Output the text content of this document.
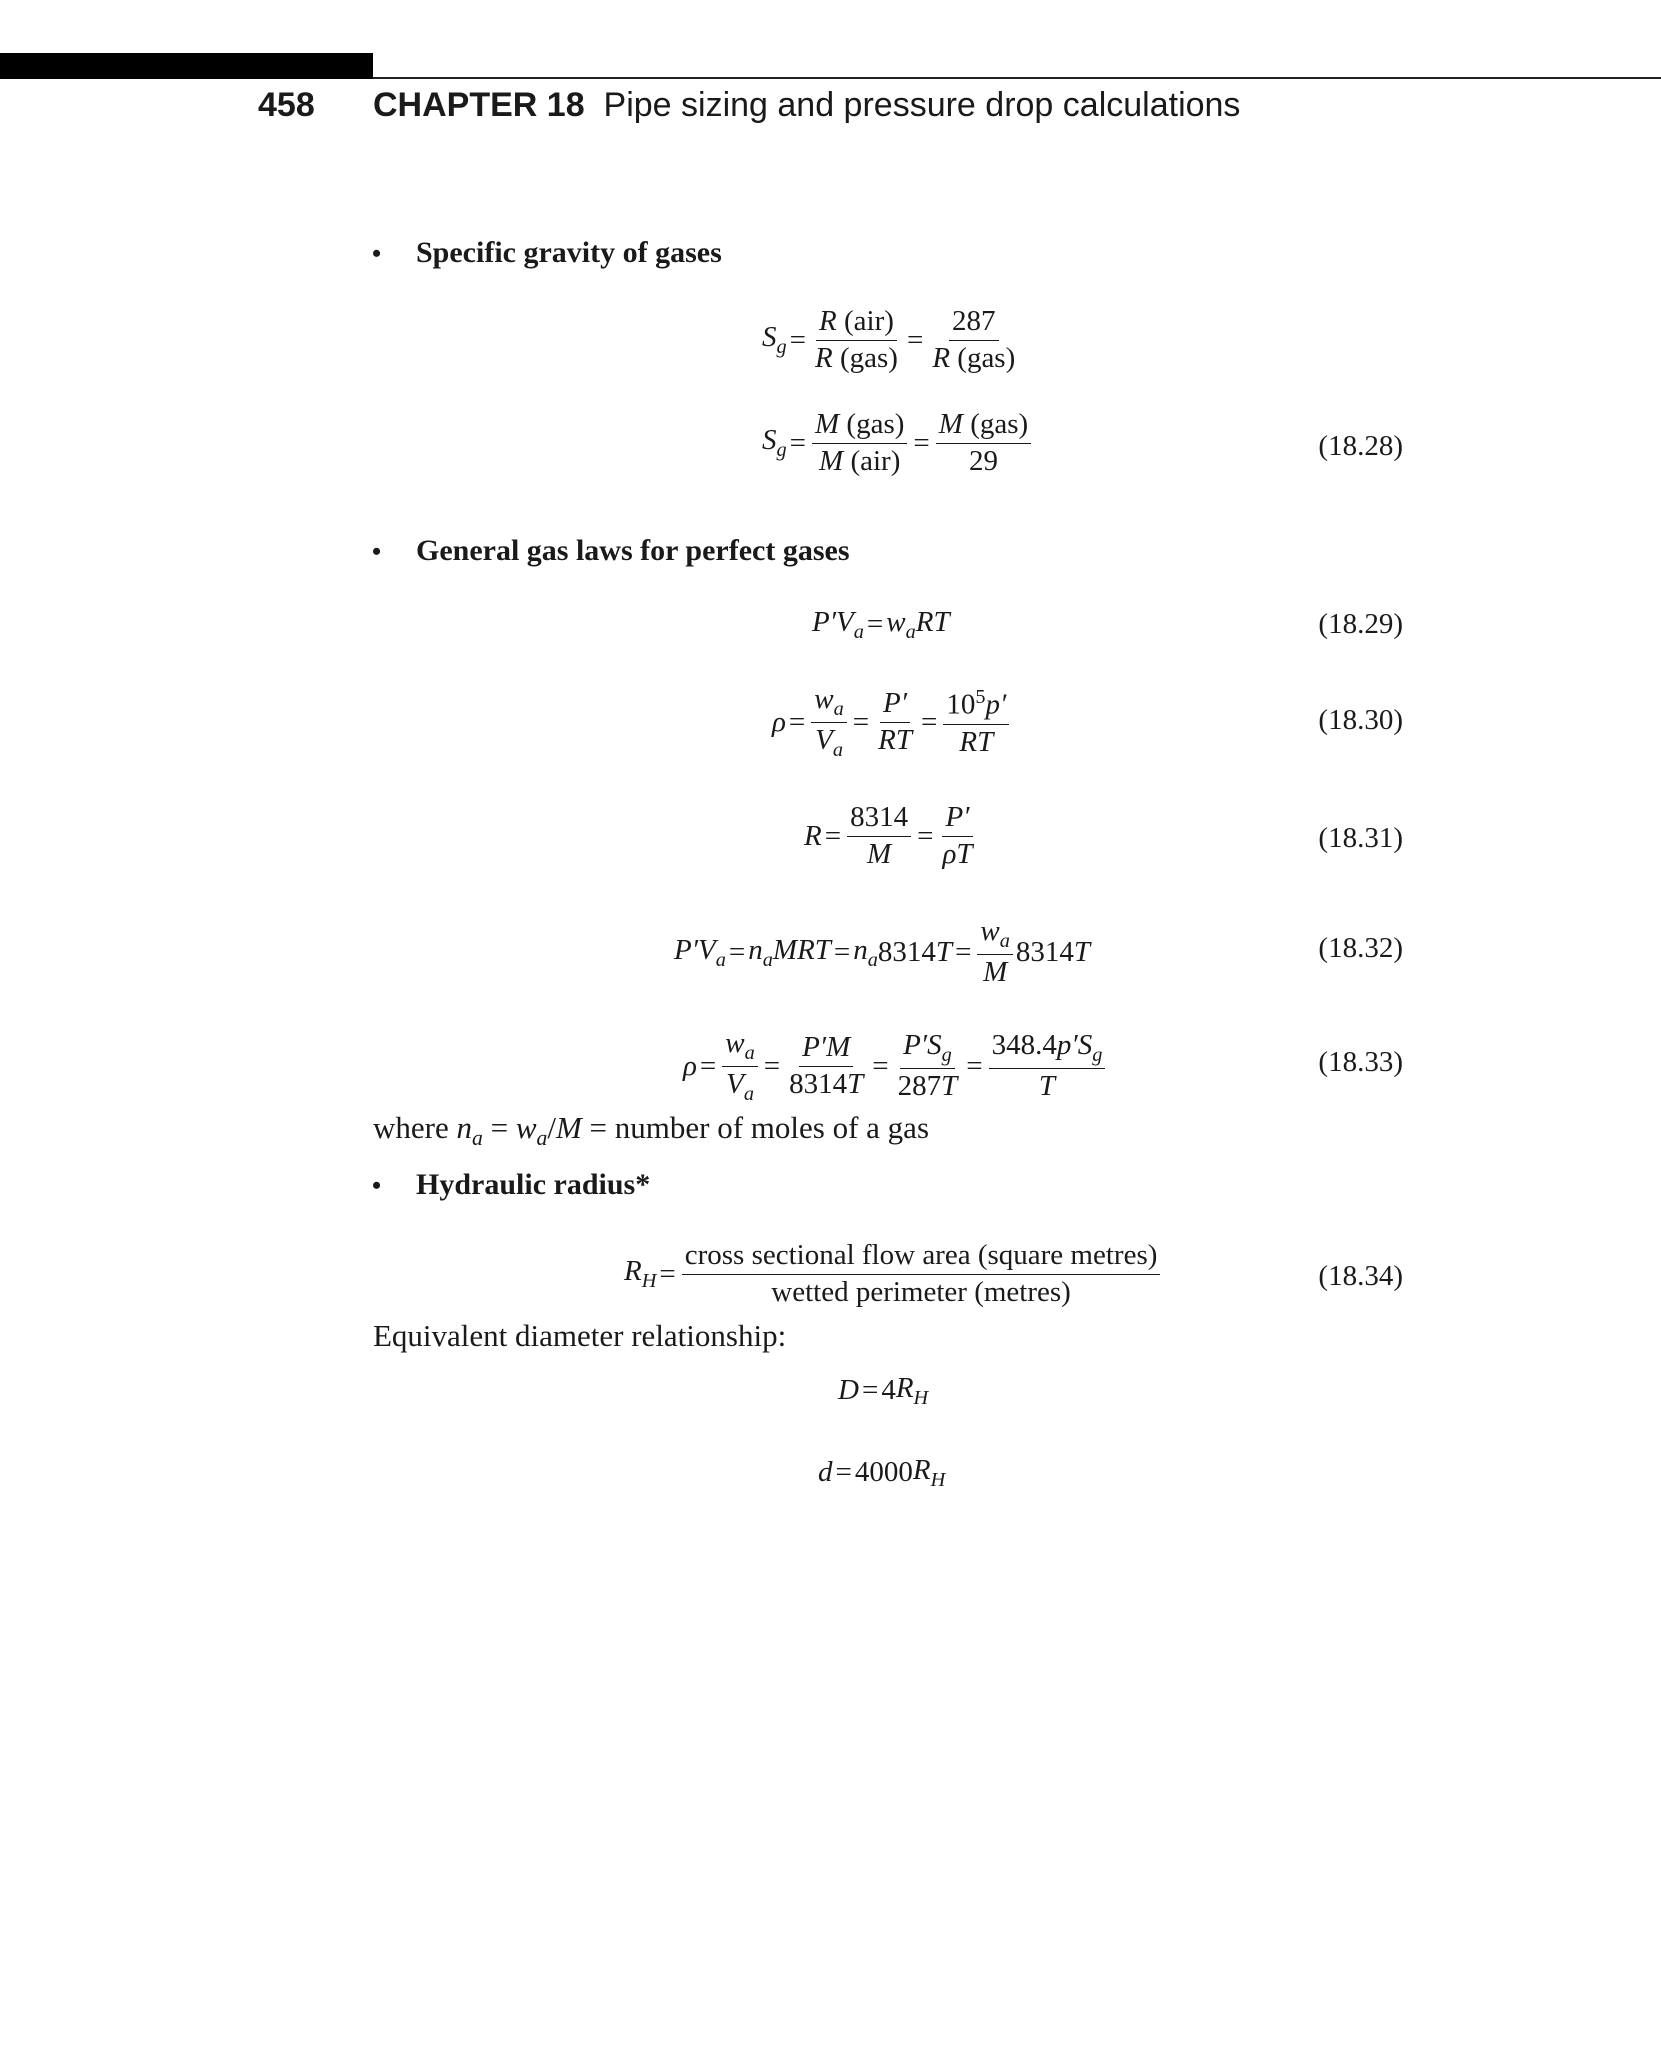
458 CHAPTER 18 Pipe sizing and pressure drop calculations
• Specific gravity of gases
$S_g = \frac{\text{R (air)}}{\text{R (gas)}} = \frac{287}{\text{R (gas)}}$
$S_g = \frac{\text{M (gas)}}{\text{M (air)}} = \frac{\text{M (gas)}}{29}$	(18.28)
• General gas laws for perfect gases
$P'V_a = w_aRT$	(18.29)
$\rho = \frac{w_a}{V_a} = \frac{P'}{RT} = \frac{10^5p'}{RT}$	(18.30)
$R = \frac{8314}{M} = \frac{P'}{\rho T}$	(18.31)
$P'V_a = n_aMRT = n_a$ 8314 $T = \frac{w_a}{M} 8314$ T	(18.32)
$\rho = \frac{w_a}{V_a} = \frac{P'M}{8314T} = \frac{P'S_g}{287T} = \frac{348.4p'S_g}{T}$	(18.33)
where $n_a = w_a/M$ = number of moles of a gas
• Hydraulic radius*
$R_H = \frac{\text{cross sectional flow area (square metres)}}{\text{wetted perimeter (metres)}}$	(18.34)
Equivalent diameter relationship:
D = 4 $R_H$
d = 4000 $R_H$
